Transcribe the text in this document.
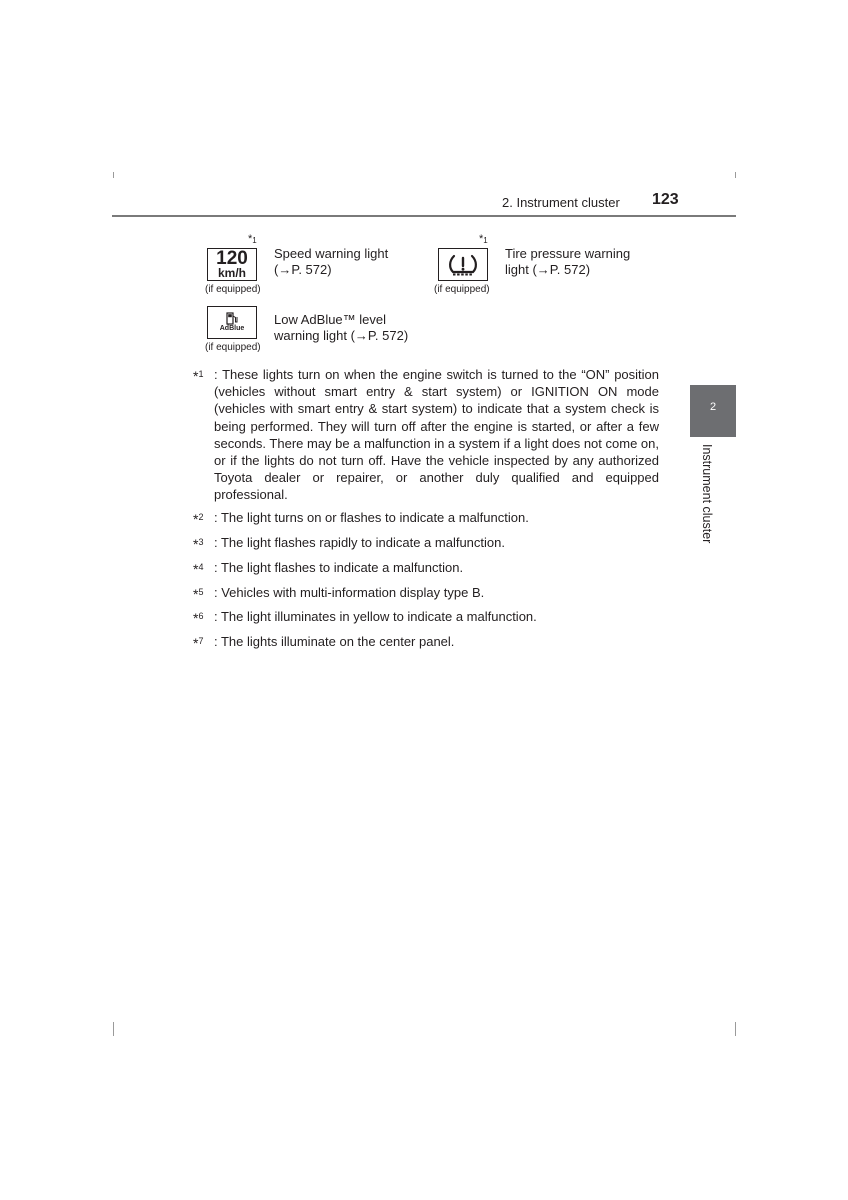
2. Instrument cluster 123
2
Instrument cluster
$*_1$
120
km/h
(if equipped)
Speed warning light
(→P. 572)
$*_1$
(if equipped)
Tire pressure warning
light (→P. 572)
AdBlue
(if equipped)
Low AdBlue™ level
warning light (→P. 572)
*$^1$ : These lights turn on when the engine switch is turned to the “ON” position (vehicles without smart entry & start system) or IGNITION ON mode (vehicles with smart entry & start system) to indicate that a system check is being performed. They will turn off after the engine is started, or after a few seconds. There may be a malfunction in a system if a light does not come on, or if the lights do not turn off. Have the vehicle inspected by any authorized Toyota dealer or repairer, or another duly qualified and equipped professional.
*$^2$ : The light turns on or flashes to indicate a malfunction.
*$^3$ : The light flashes rapidly to indicate a malfunction.
*$^4$ : The light flashes to indicate a malfunction.
*$^5$ : Vehicles with multi-information display type B.
*$^6$ : The light illuminates in yellow to indicate a malfunction.
*$^7$ : The lights illuminate on the center panel.
